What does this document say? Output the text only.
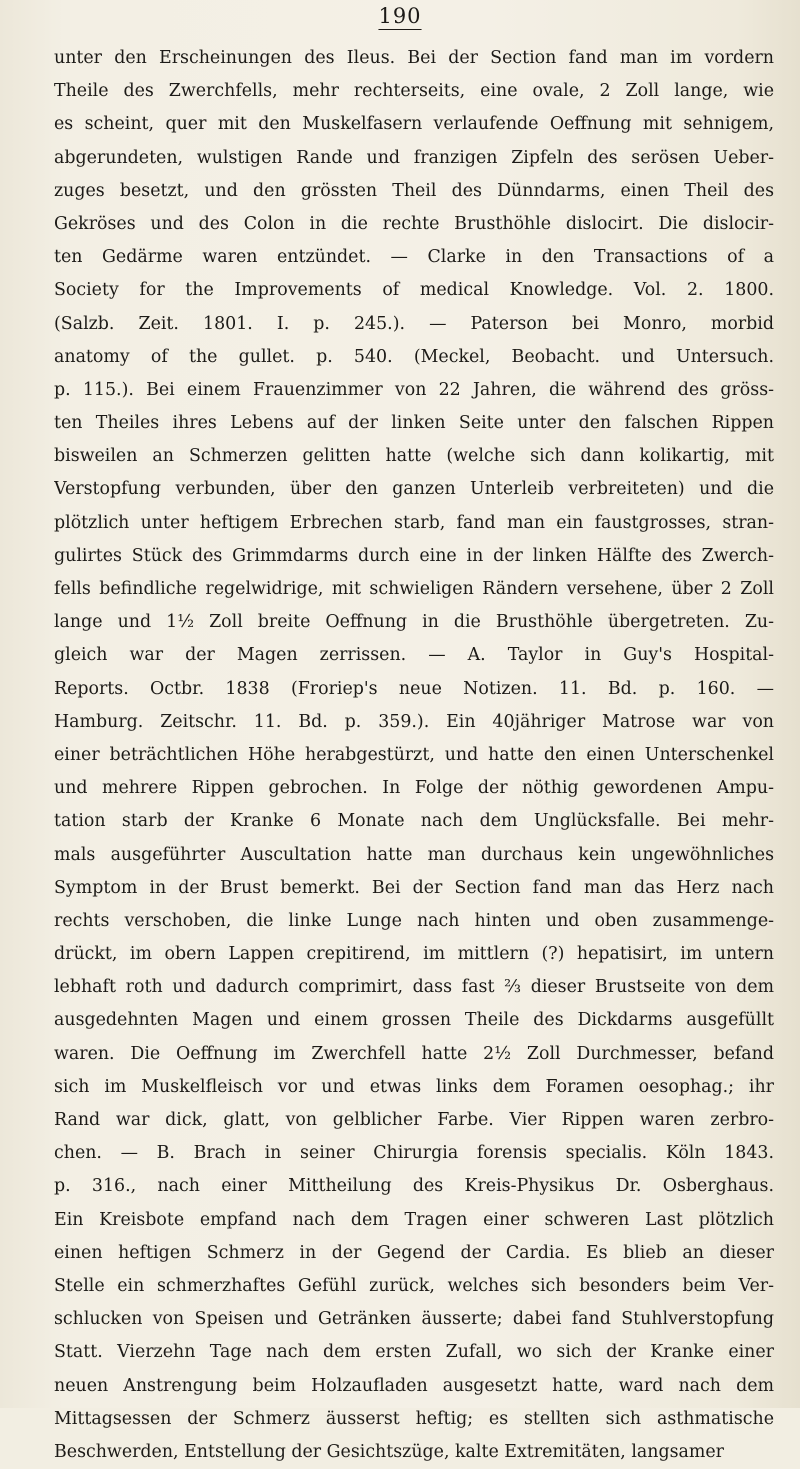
190
unter den Erscheinungen des Ileus. Bei der Section fand man im vordern
Theile des Zwerchfells, mehr rechterseits, eine ovale, 2 Zoll lange, wie
es scheint, quer mit den Muskelfasern verlaufende Oeffnung mit sehnigem,
abgerundeten, wulstigen Rande und franzigen Zipfeln des serösen Ueber-
zuges besetzt, und den grössten Theil des Dünndarms, einen Theil des
Gekröses und des Colon in die rechte Brusthöhle dislocirt. Die dislocir-
ten Gedärme waren entzündet. — Clarke in den Transactions of a
Society for the Improvements of medical Knowledge. Vol. 2. 1800.
(Salzb. Zeit. 1801. I. p. 245.). — Paterson bei Monro, morbid
anatomy of the gullet. p. 540. (Meckel, Beobacht. und Untersuch.
p. 115.). Bei einem Frauenzimmer von 22 Jahren, die während des gröss-
ten Theiles ihres Lebens auf der linken Seite unter den falschen Rippen
bisweilen an Schmerzen gelitten hatte (welche sich dann kolikartig, mit
Verstopfung verbunden, über den ganzen Unterleib verbreiteten) und die
plötzlich unter heftigem Erbrechen starb, fand man ein faustgrosses, stran-
gulirtes Stück des Grimmdarms durch eine in der linken Hälfte des Zwerch-
fells befindliche regelwidrige, mit schwieligen Rändern versehene, über 2 Zoll
lange und 1½ Zoll breite Oeffnung in die Brusthöhle übergetreten. Zu-
gleich war der Magen zerrissen. — A. Taylor in Guy's Hospital-
Reports. Octbr. 1838 (Froriep's neue Notizen. 11. Bd. p. 160. —
Hamburg. Zeitschr. 11. Bd. p. 359.). Ein 40jähriger Matrose war von
einer beträchtlichen Höhe herabgestürzt, und hatte den einen Unterschenkel
und mehrere Rippen gebrochen. In Folge der nöthig gewordenen Ampu-
tation starb der Kranke 6 Monate nach dem Unglücksfalle. Bei mehr-
mals ausgeführter Auscultation hatte man durchaus kein ungewöhnliches
Symptom in der Brust bemerkt. Bei der Section fand man das Herz nach
rechts verschoben, die linke Lunge nach hinten und oben zusammenge-
drückt, im obern Lappen crepitirend, im mittlern (?) hepatisirt, im untern
lebhaft roth und dadurch comprimirt, dass fast ⅔ dieser Brustseite von dem
ausgedehnten Magen und einem grossen Theile des Dickdarms ausgefüllt
waren. Die Oeffnung im Zwerchfell hatte 2½ Zoll Durchmesser, befand
sich im Muskelfleisch vor und etwas links dem Foramen oesophag.; ihr
Rand war dick, glatt, von gelblicher Farbe. Vier Rippen waren zerbro-
chen. — B. Brach in seiner Chirurgia forensis specialis. Köln 1843.
p. 316., nach einer Mittheilung des Kreis-Physikus Dr. Osberghaus.
Ein Kreisbote empfand nach dem Tragen einer schweren Last plötzlich
einen heftigen Schmerz in der Gegend der Cardia. Es blieb an dieser
Stelle ein schmerzhaftes Gefühl zurück, welches sich besonders beim Ver-
schlucken von Speisen und Getränken äusserte; dabei fand Stuhlverstopfung
Statt. Vierzehn Tage nach dem ersten Zufall, wo sich der Kranke einer
neuen Anstrengung beim Holzaufladen ausgesetzt hatte, ward nach dem
Mittagsessen der Schmerz äusserst heftig; es stellten sich asthmatische
Beschwerden, Entstellung der Gesichtszüge, kalte Extremitäten, langsamer
